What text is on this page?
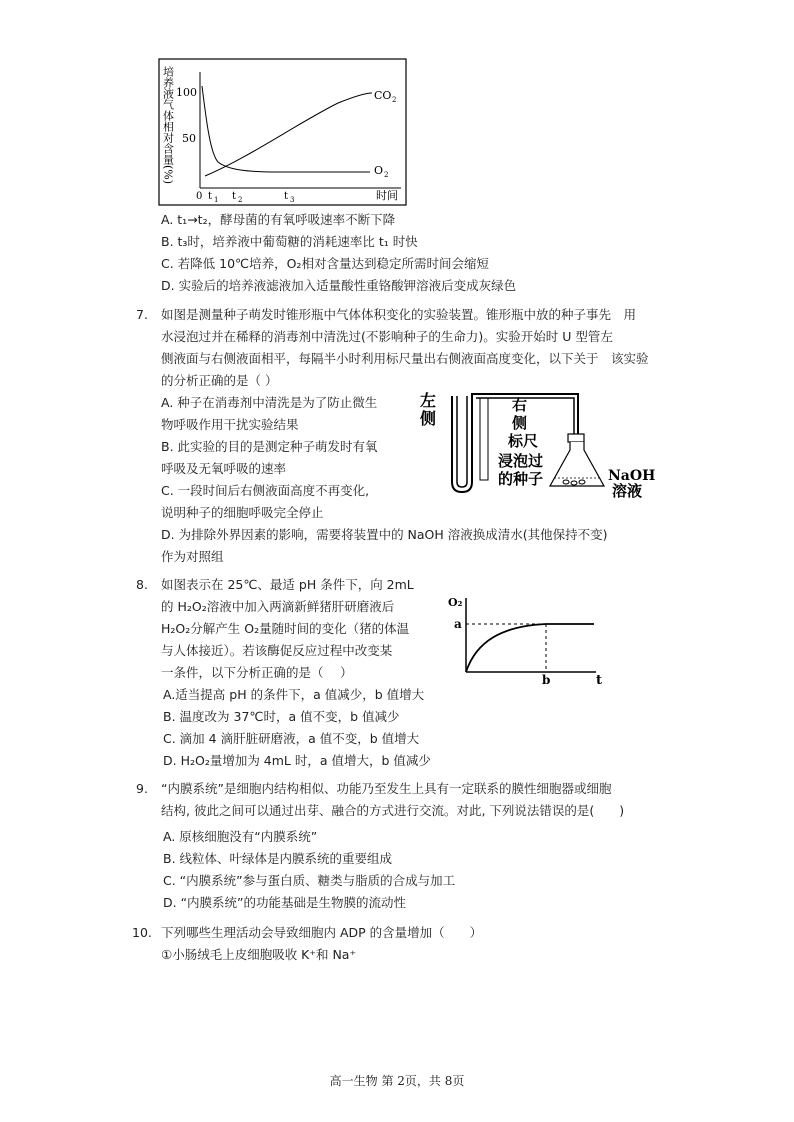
培养液气体相对含量(%) 100
50
0 t 1 t 2	t 3	时间
CO 2
O 2
A. t₁→t₂，酵母菌的有氧呼吸速率不断下降
B. t₃时，培养液中葡萄糖的消耗速率比 t₁ 时快
C. 若降低 10℃培养，O₂相对含量达到稳定所需时间会缩短
D. 实验后的培养液滤液加入适量酸性重铬酸钾溶液后变成灰绿色
7. 如图是测量种子萌发时锥形瓶中气体体积变化的实验装置。锥形瓶中放的种子事先　用
水浸泡过并在稀释的消毒剂中清洗过(不影响种子的生命力)。实验开始时 U 型管左
侧液面与右侧液面相平，每隔半小时利用标尺量出右侧液面高度变化，以下关于　该实验
的分析正确的是（ ）
A. 种子在消毒剂中清洗是为了防止微生
物呼吸作用干扰实验结果
B. 此实验的目的是测定种子萌发时有氧
呼吸及无氧呼吸的速率
C. 一段时间后右侧液面高度不再变化,
说明种子的细胞呼吸完全停止
D. 为排除外界因素的影响，需要将装置中的 NaOH 溶液换成清水(其他保持不变)
作为对照组
左
侧
右
侧
标尺
浸泡过
的种子	NaOH
溶液
8. 如图表示在 25℃、最适 pH 条件下，向 2mL
的 H₂O₂溶液中加入两滴新鲜猪肝研磨液后
H₂O₂分解产生 O₂量随时间的变化（猪的体温
与人体接近）。若该酶促反应过程中改变某
一条件，以下分析正确的是（　 ）
A.适当提高 pH 的条件下，a 值减少，b 值增大
B. 温度改为 37℃时，a 值不变，b 值减少
C. 滴加 4 滴肝脏研磨液，a 值不变，b 值增大
D. H₂O₂量增加为 4mL 时，a 值增大，b 值减少
O₂
a
b	t
9. “内膜系统”是细胞内结构相似、功能乃至发生上具有一定联系的膜性细胞器或细胞
结构, 彼此之间可以通过出芽、融合的方式进行交流。对此, 下列说法错误的是(　　)
A. 原核细胞没有“内膜系统”
B. 线粒体、叶绿体是内膜系统的重要组成
C. “内膜系统”参与蛋白质、糖类与脂质的合成与加工
D. “内膜系统”的功能基础是生物膜的流动性
10. 下列哪些生理活动会导致细胞内 ADP 的含量增加（　　）
①小肠绒毛上皮细胞吸收 K⁺和 Na⁺
高一生物 第 2页，共 8页
